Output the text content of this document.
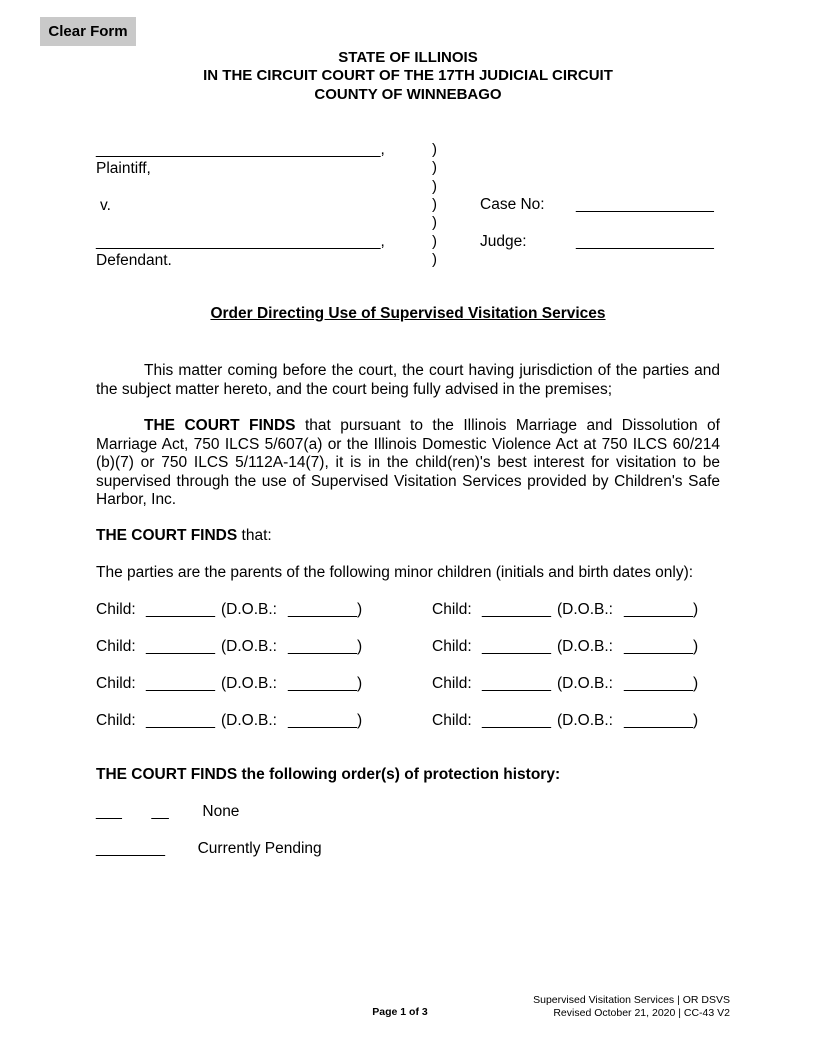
Clear Form
STATE OF ILLINOIS
IN THE CIRCUIT COURT OF THE 17TH JUDICIAL CIRCUIT
COUNTY OF WINNEBAGO
_________________________________,
Plaintiff,
v.
_________________________________,
Defendant.
)
)
)
)
)
)
)
Case No: ________________
Judge:	________________
Order Directing Use of Supervised Visitation Services
This matter coming before the court, the court having jurisdiction of the parties and the subject matter hereto, and the court being fully advised in the premises;
THE COURT FINDS that pursuant to the Illinois Marriage and Dissolution of Marriage Act, 750 ILCS 5/607(a) or the Illinois Domestic Violence Act at 750 ILCS 60/214 (b)(7) or 750 ILCS 5/112A-14(7), it is in the child(ren)'s best interest for visitation to be supervised through the use of Supervised Visitation Services provided by Children's Safe Harbor, Inc.
THE COURT FINDS that:
The parties are the parents of the following minor children (initials and birth dates only):
Child: ________ (D.O.B.: ________)	Child: ________ (D.O.B.: ________)
Child: ________ (D.O.B.: ________)	Child: ________ (D.O.B.: ________)
Child: ________ (D.O.B.: ________)	Child: ________ (D.O.B.: ________)
Child: ________ (D.O.B.: ________)	Child: ________ (D.O.B.: ________)
THE COURT FINDS the following order(s) of protection history:
___ __ None
________ Currently Pending
Supervised Visitation Services | OR DSVS
Revised October 21, 2020 | CC-43 V2
Page 1 of 3
